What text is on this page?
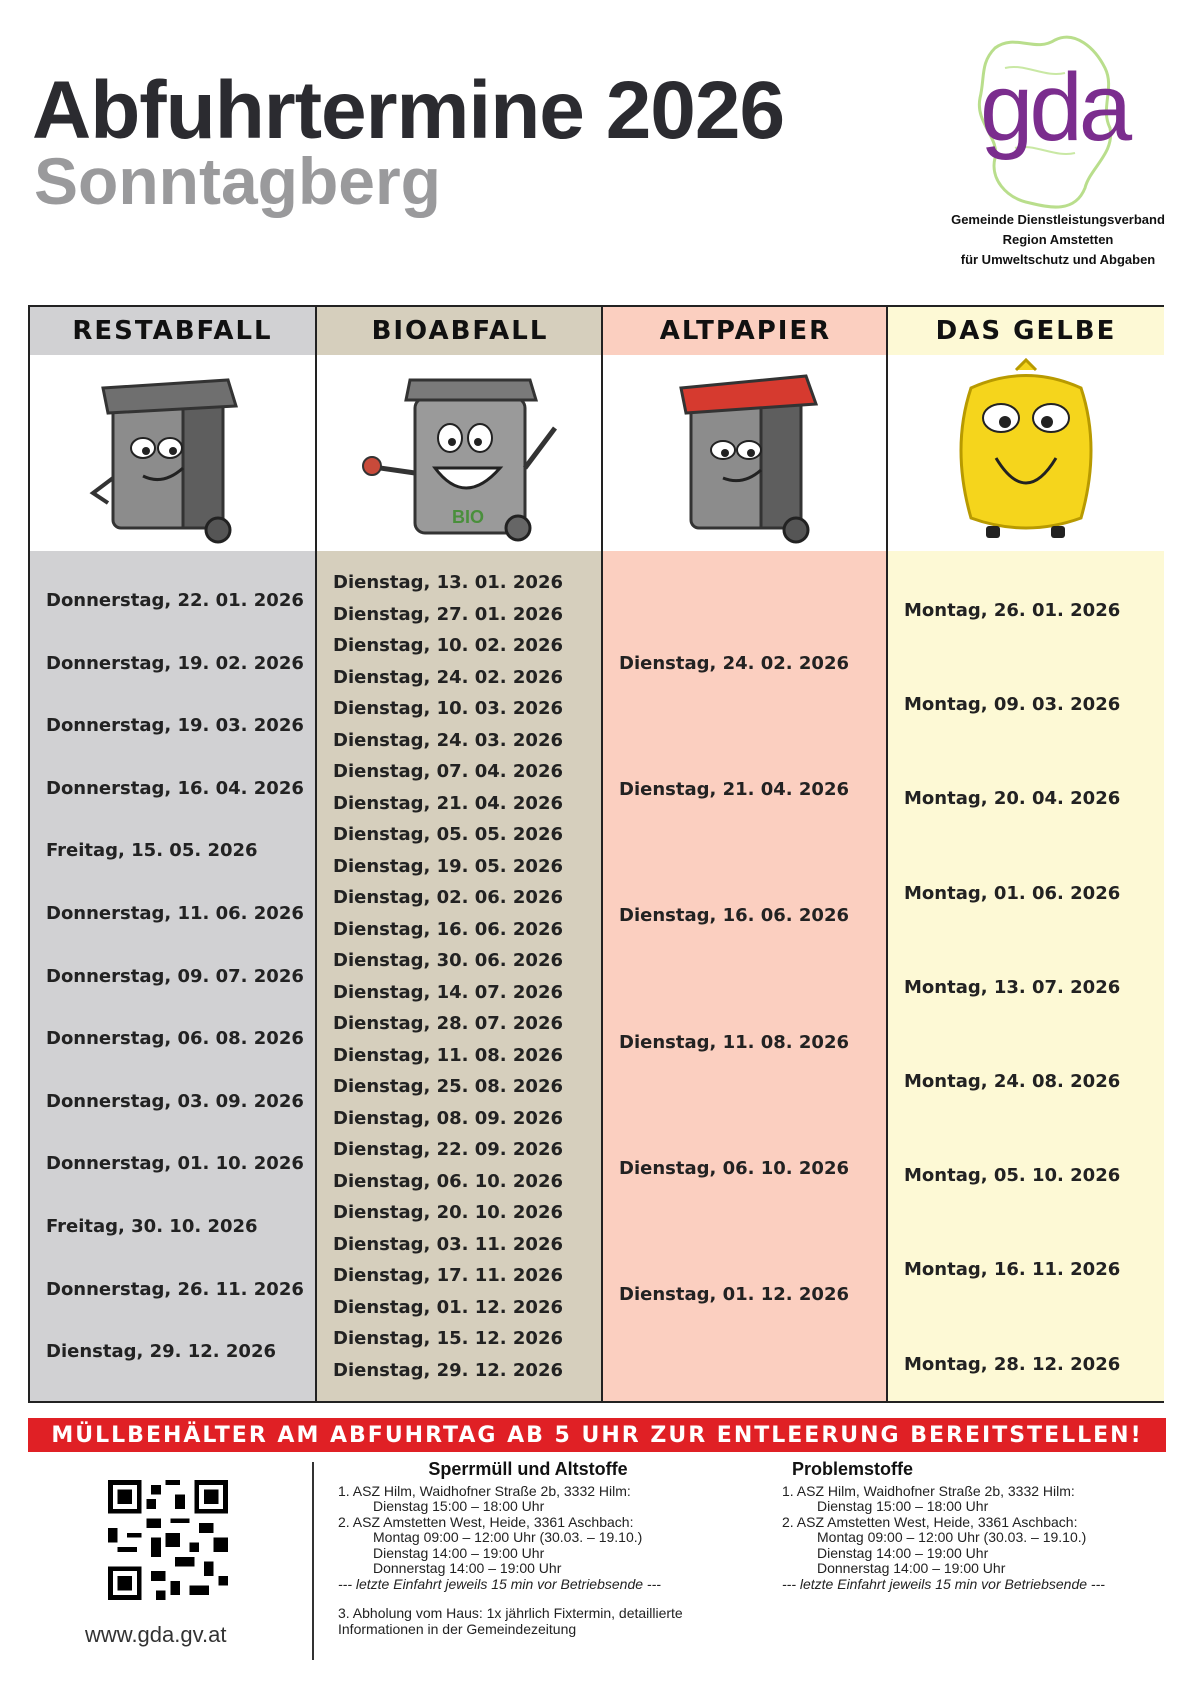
Abfuhrtermine 2026
Sonntagberg
gda
Gemeinde Dienstleistungsverband
Region Amstetten
für Umweltschutz und Abgaben
RESTABFALL
Donnerstag, 22. 01. 2026
Donnerstag, 19. 02. 2026
Donnerstag, 19. 03. 2026
Donnerstag, 16. 04. 2026
Freitag, 15. 05. 2026
Donnerstag, 11. 06. 2026
Donnerstag, 09. 07. 2026
Donnerstag, 06. 08. 2026
Donnerstag, 03. 09. 2026
Donnerstag, 01. 10. 2026
Freitag, 30. 10. 2026
Donnerstag, 26. 11. 2026
Dienstag, 29. 12. 2026
BIOABFALL
BIO
Dienstag, 13. 01. 2026
Dienstag, 27. 01. 2026
Dienstag, 10. 02. 2026
Dienstag, 24. 02. 2026
Dienstag, 10. 03. 2026
Dienstag, 24. 03. 2026
Dienstag, 07. 04. 2026
Dienstag, 21. 04. 2026
Dienstag, 05. 05. 2026
Dienstag, 19. 05. 2026
Dienstag, 02. 06. 2026
Dienstag, 16. 06. 2026
Dienstag, 30. 06. 2026
Dienstag, 14. 07. 2026
Dienstag, 28. 07. 2026
Dienstag, 11. 08. 2026
Dienstag, 25. 08. 2026
Dienstag, 08. 09. 2026
Dienstag, 22. 09. 2026
Dienstag, 06. 10. 2026
Dienstag, 20. 10. 2026
Dienstag, 03. 11. 2026
Dienstag, 17. 11. 2026
Dienstag, 01. 12. 2026
Dienstag, 15. 12. 2026
Dienstag, 29. 12. 2026
ALTPAPIER
Dienstag, 24. 02. 2026
Dienstag, 21. 04. 2026
Dienstag, 16. 06. 2026
Dienstag, 11. 08. 2026
Dienstag, 06. 10. 2026
Dienstag, 01. 12. 2026
DAS GELBE
Montag, 26. 01. 2026
Montag, 09. 03. 2026
Montag, 20. 04. 2026
Montag, 01. 06. 2026
Montag, 13. 07. 2026
Montag, 24. 08. 2026
Montag, 05. 10. 2026
Montag, 16. 11. 2026
Montag, 28. 12. 2026
MÜLLBEHÄLTER AM ABFUHRTAG AB 5 UHR ZUR ENTLEERUNG BEREITSTELLEN!
www.gda.gv.at
Sperrmüll und Altstoffe
1. ASZ Hilm, Waidhofner Straße 2b, 3332 Hilm:
Dienstag 15:00 – 18:00 Uhr
2. ASZ Amstetten West, Heide, 3361 Aschbach:
Montag 09:00 – 12:00 Uhr (30.03. – 19.10.)
Dienstag 14:00 – 19:00 Uhr
Donnerstag 14:00 – 19:00 Uhr
--- letzte Einfahrt jeweils 15 min vor Betriebsende ---
3. Abholung vom Haus: 1x jährlich Fixtermin, detaillierte
Informationen in der Gemeindezeitung
Problemstoffe
1. ASZ Hilm, Waidhofner Straße 2b, 3332 Hilm:
Dienstag 15:00 – 18:00 Uhr
2. ASZ Amstetten West, Heide, 3361 Aschbach:
Montag 09:00 – 12:00 Uhr (30.03. – 19.10.)
Dienstag 14:00 – 19:00 Uhr
Donnerstag 14:00 – 19:00 Uhr
--- letzte Einfahrt jeweils 15 min vor Betriebsende ---
